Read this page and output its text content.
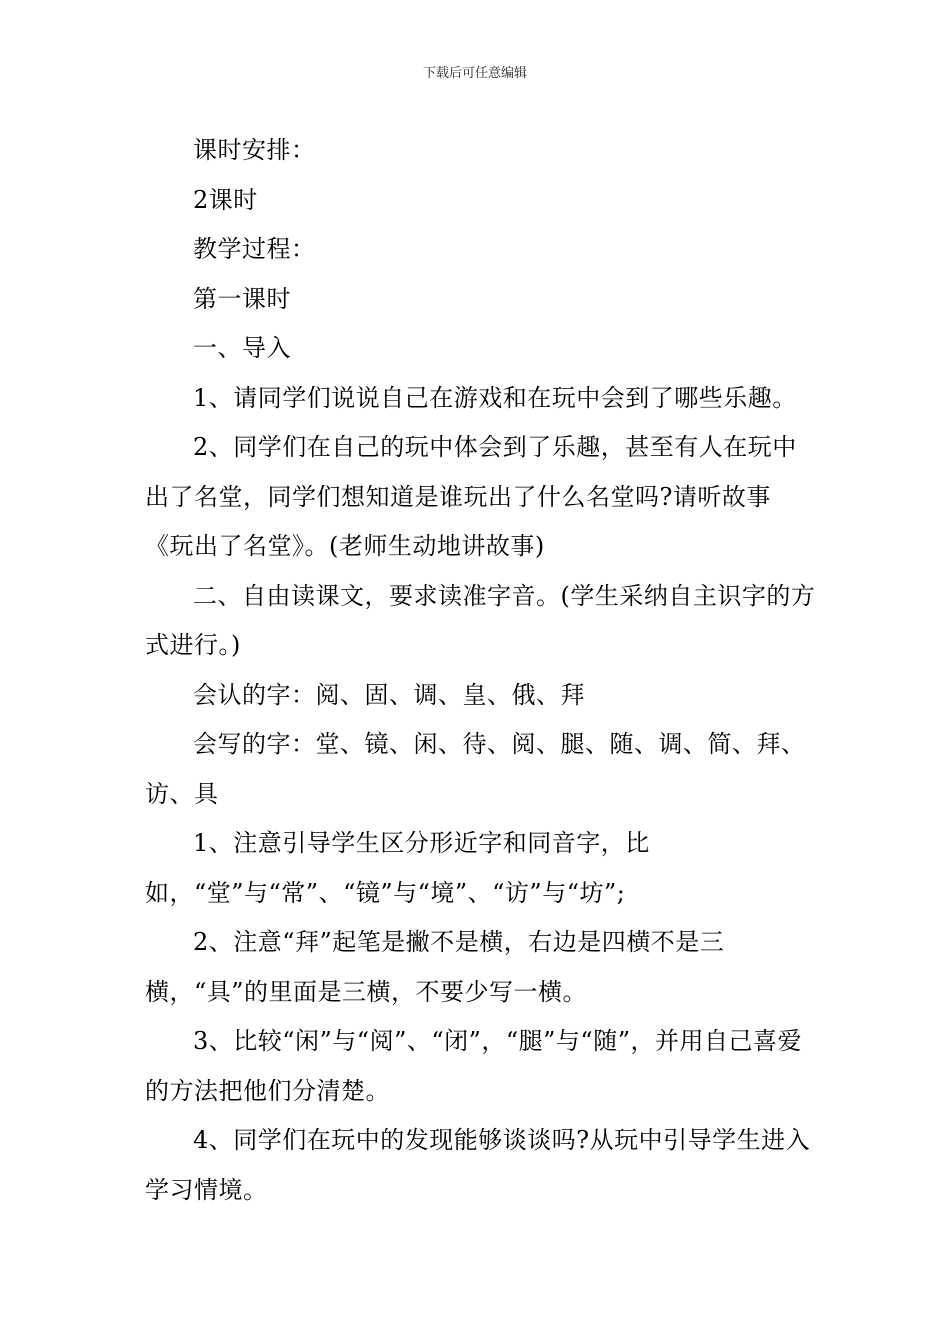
下载后可任意编辑

课时安排：

2课时

教学过程：

第一课时

一、导入

1、请同学们说说自己在游戏和在玩中会到了哪些乐趣。

2、同学们在自己的玩中体会到了乐趣，甚至有人在玩中出了名堂，同学们想知道是谁玩出了什么名堂吗?请听故事《玩出了名堂》。(老师生动地讲故事)

二、自由读课文，要求读准字音。(学生采纳自主识字的方式进行。)

会认的字：阅、固、调、皇、俄、拜

会写的字：堂、镜、闲、待、阅、腿、随、调、简、拜、访、具

1、注意引导学生区分形近字和同音字，比如，“堂”与“常”、“镜”与“境”、“访”与“坊”;

2、注意“拜”起笔是撇不是横，右边是四横不是三横，“具”的里面是三横，不要少写一横。

3、比较“闲”与“阅”、“闭”，“腿”与“随”，并用自己喜爱的方法把他们分清楚。

4、同学们在玩中的发现能够谈谈吗?从玩中引导学生进入学习情境。
